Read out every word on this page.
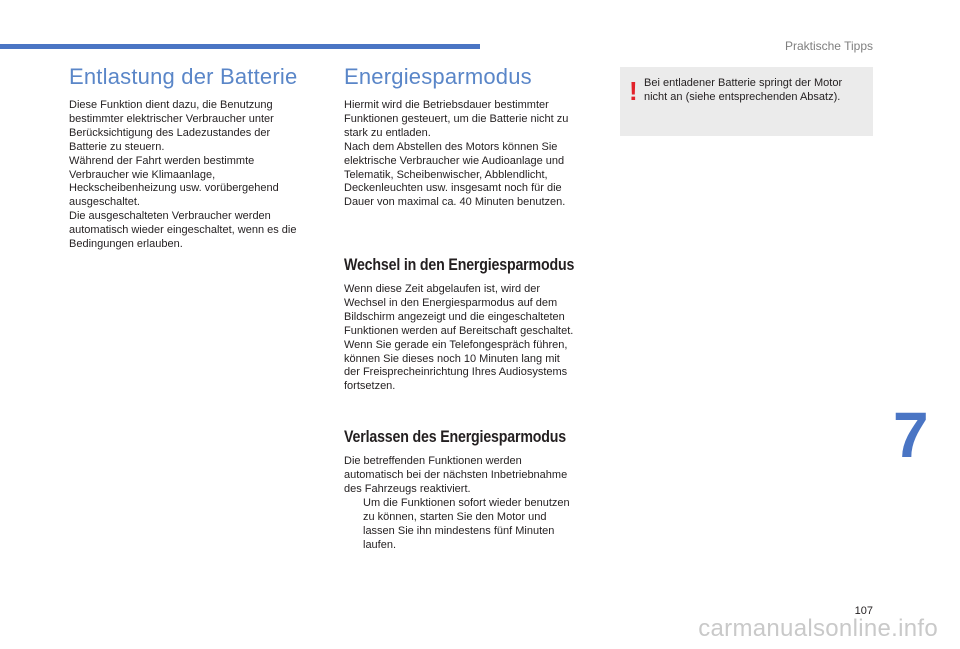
Praktische Tipps
Entlastung der Batterie

Diese Funktion dient dazu, die Benutzung
bestimmter elektrischer Verbraucher unter
Berücksichtigung des Ladezustandes der
Batterie zu steuern.
Während der Fahrt werden bestimmte
Verbraucher wie Klimaanlage,
Heckscheibenheizung usw. vorübergehend
ausgeschaltet.
Die ausgeschalteten Verbraucher werden
automatisch wieder eingeschaltet, wenn es die
Bedingungen erlauben.

Energiesparmodus

Hiermit wird die Betriebsdauer bestimmter
Funktionen gesteuert, um die Batterie nicht zu
stark zu entladen.
Nach dem Abstellen des Motors können Sie
elektrische Verbraucher wie Audioanlage und
Telematik, Scheibenwischer, Abblendlicht,
Deckenleuchten usw. insgesamt noch für die
Dauer von maximal ca. 40 Minuten benutzen.

Wechsel in den Energiesparmodus

Wenn diese Zeit abgelaufen ist, wird der
Wechsel in den Energiesparmodus auf dem
Bildschirm angezeigt und die eingeschalteten
Funktionen werden auf Bereitschaft geschaltet.
Wenn Sie gerade ein Telefongespräch führen,
können Sie dieses noch 10 Minuten lang mit
der Freisprecheinrichtung Ihres Audiosystems
fortsetzen.

Verlassen des Energiesparmodus

Die betreffenden Funktionen werden
automatisch bei der nächsten Inbetriebnahme
des Fahrzeugs reaktiviert.

Um die Funktionen sofort wieder benutzen
zu können, starten Sie den Motor und
lassen Sie ihn mindestens fünf Minuten
laufen.
! Bei entladener Batterie springt der Motor
nicht an (siehe entsprechenden Absatz).

7
107
carmanualsonline.info
